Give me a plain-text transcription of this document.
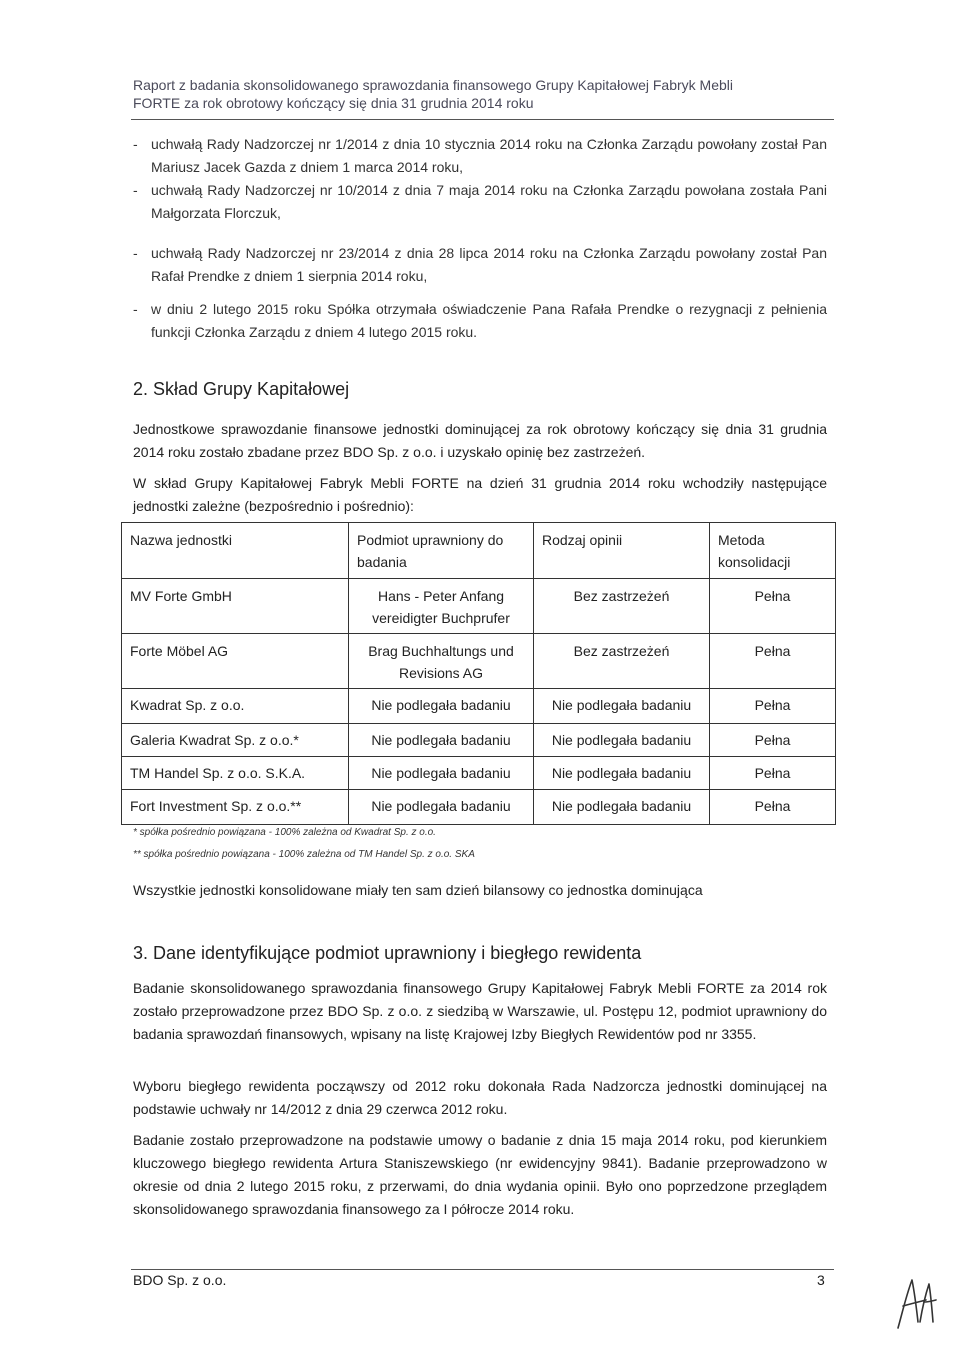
Raport z badania skonsolidowanego sprawozdania finansowego Grupy Kapitałowej Fabryk Mebli
FORTE za rok obrotowy kończący się dnia 31 grudnia 2014 roku
- uchwałą Rady Nadzorczej nr 1/2014 z dnia 10 stycznia 2014 roku na Członka Zarządu powołany został Pan Mariusz Jacek Gazda z dniem 1 marca 2014 roku,
- uchwałą Rady Nadzorczej nr 10/2014 z dnia 7 maja 2014 roku na Członka Zarządu powołana została Pani Małgorzata Florczuk,
- uchwałą Rady Nadzorczej nr 23/2014 z dnia 28 lipca 2014 roku na Członka Zarządu powołany został Pan Rafał Prendke z dniem 1 sierpnia 2014 roku,
- w dniu 2 lutego 2015 roku Spółka otrzymała oświadczenie Pana Rafała Prendke o rezygnacji z pełnienia funkcji Członka Zarządu z dniem 4 lutego 2015 roku.
2. Skład Grupy Kapitałowej
Jednostkowe sprawozdanie finansowe jednostki dominującej za rok obrotowy kończący się dnia 31 grudnia 2014 roku zostało zbadane przez BDO Sp. z o.o. i uzyskało opinię bez zastrzeżeń.
W skład Grupy Kapitałowej Fabryk Mebli FORTE na dzień 31 grudnia 2014 roku wchodziły następujące jednostki zależne (bezpośrednio i pośrednio):
Nazwa jednostki	Podmiot uprawniony do badania	Rodzaj opinii	Metoda konsolidacji
MV Forte GmbH	Hans - Peter Anfang vereidigter Buchprufer	Bez zastrzeżeń	Pełna
Forte Möbel AG	Brag Buchhaltungs und Revisions AG	Bez zastrzeżeń	Pełna
Kwadrat Sp. z o.o.	Nie podlegała badaniu	Nie podlegała badaniu	Pełna
Galeria Kwadrat Sp. z o.o.*	Nie podlegała badaniu	Nie podlegała badaniu	Pełna
TM Handel Sp. z o.o. S.K.A.	Nie podlegała badaniu	Nie podlegała badaniu	Pełna
Fort Investment Sp. z o.o.**	Nie podlegała badaniu	Nie podlegała badaniu	Pełna
* spółka pośrednio powiązana - 100% zależna od Kwadrat Sp. z o.o.
** spółka pośrednio powiązana - 100% zależna od TM Handel Sp. z o.o. SKA
Wszystkie jednostki konsolidowane miały ten sam dzień bilansowy co jednostka dominująca
3. Dane identyfikujące podmiot uprawniony i biegłego rewidenta
Badanie skonsolidowanego sprawozdania finansowego Grupy Kapitałowej Fabryk Mebli FORTE za 2014 rok zostało przeprowadzone przez BDO Sp. z o.o. z siedzibą w Warszawie, ul. Postępu 12, podmiot uprawniony do badania sprawozdań finansowych, wpisany na listę Krajowej Izby Biegłych Rewidentów pod nr 3355.
Wyboru biegłego rewidenta począwszy od 2012 roku dokonała Rada Nadzorcza jednostki dominującej na podstawie uchwały nr 14/2012 z dnia 29 czerwca 2012 roku.
Badanie zostało przeprowadzone na podstawie umowy o badanie z dnia 15 maja 2014 roku, pod kierunkiem kluczowego biegłego rewidenta Artura Staniszewskiego (nr ewidencyjny 9841). Badanie przeprowadzono w okresie od dnia 2 lutego 2015 roku, z przerwami, do dnia wydania opinii. Było ono poprzedzone przeglądem skonsolidowanego sprawozdania finansowego za I półrocze 2014 roku.
BDO Sp. z o.o.	3
